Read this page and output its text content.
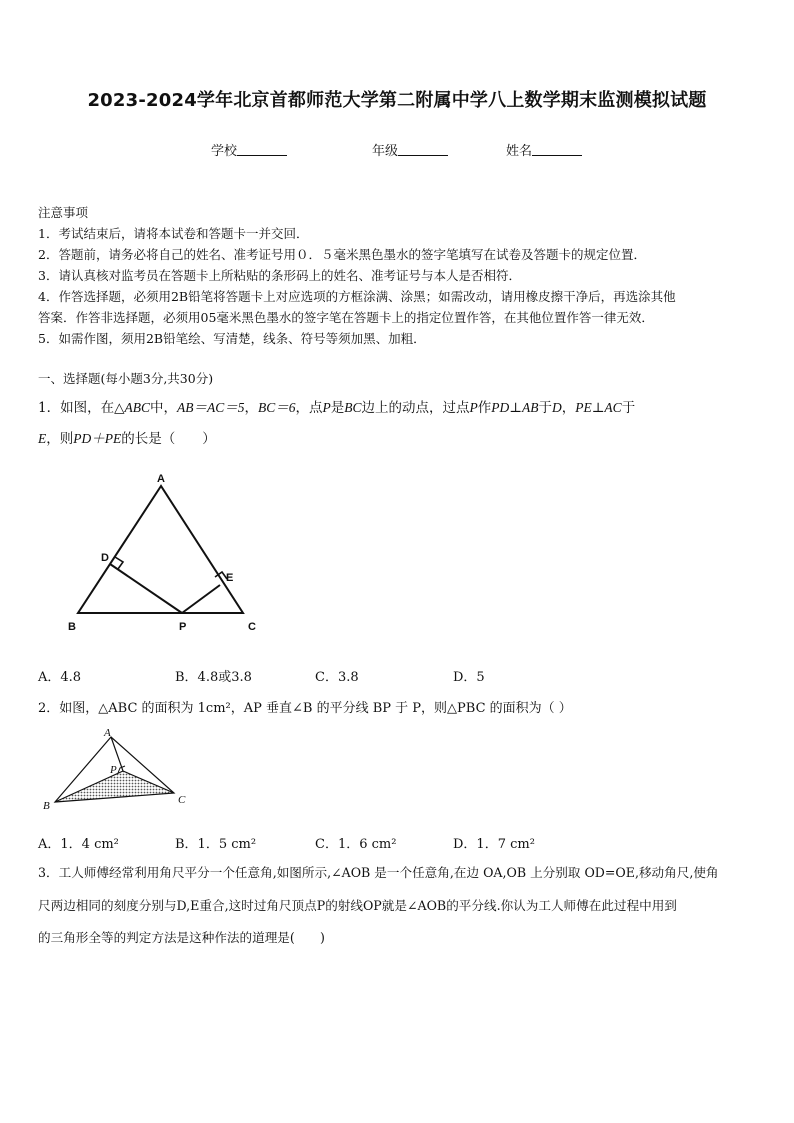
2023-2024学年北京首都师范大学第二附属中学八上数学期末监测模拟试题
学校	年级	姓名
注意事项
1．考试结束后，请将本试卷和答题卡一并交回．
2．答题前，请务必将自己的姓名、准考证号用０．５毫米黑色墨水的签字笔填写在试卷及答题卡的规定位置．
3．请认真核对监考员在答题卡上所粘贴的条形码上的姓名、准考证号与本人是否相符．
4．作答选择题，必须用2B铅笔将答题卡上对应选项的方框涂满、涂黑；如需改动，请用橡皮擦干净后，再选涂其他
答案．作答非选择题，必须用05毫米黑色墨水的签字笔在答题卡上的指定位置作答，在其他位置作答一律无效．
5．如需作图，须用2B铅笔绘、写清楚，线条、符号等须加黑、加粗．
一、选择题(每小题3分,共30分)
1．如图，在△ABC中，AB＝AC＝5，BC＝6，点P是BC边上的动点，过点P作PD⊥AB于D，PE⊥AC于
E，则PD＋PE的长是（　　）
A
B	C
D
E
P
A．4.8	B．4.8或3.8	C．3.8	D．5
2．如图，△ABC 的面积为 1cm²，AP 垂直∠B 的平分线 BP 于 P，则△PBC 的面积为（ ）
A
B	C
P
A．1．4 cm²	B．1．5 cm²	C．1．6 cm²	D．1．7 cm²
3．工人师傅经常利用角尺平分一个任意角,如图所示,∠AOB 是一个任意角,在边 OA,OB 上分别取 OD=OE,移动角尺,使角
尺两边相同的刻度分别与D,E重合,这时过角尺顶点P的射线OP就是∠AOB的平分线.你认为工人师傅在此过程中用到
的三角形全等的判定方法是这种作法的道理是(　　)
